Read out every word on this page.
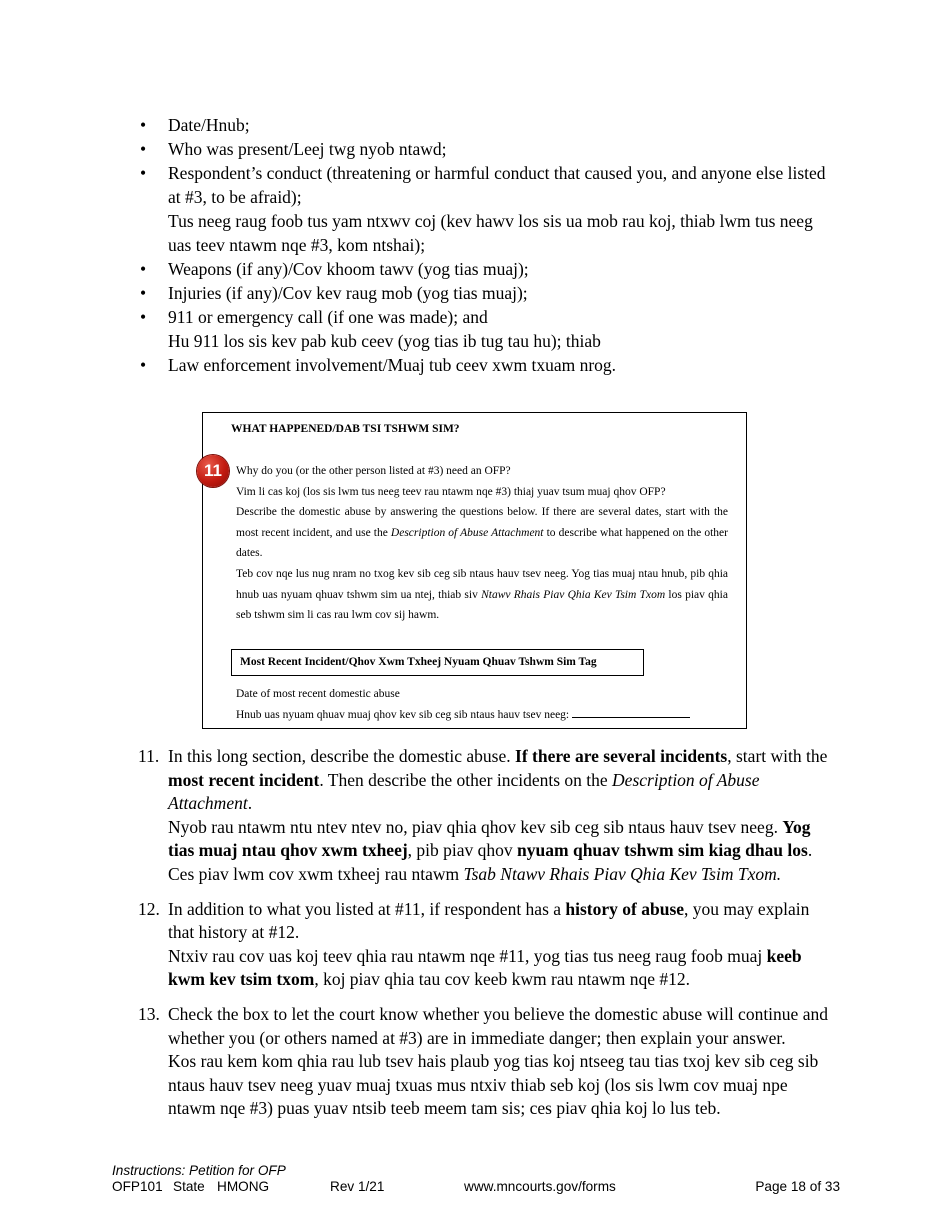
• Date/Hnub;
• Who was present/Leej twg nyob ntawd;
• Respondent’s conduct (threatening or harmful conduct that caused you, and anyone else listed at #3, to be afraid);
Tus neeg raug foob tus yam ntxwv coj (kev hawv los sis ua mob rau koj, thiab lwm tus neeg uas teev ntawm nqe #3, kom ntshai);
• Weapons (if any)/Cov khoom tawv (yog tias muaj);
• Injuries (if any)/Cov kev raug mob (yog tias muaj);
• 911 or emergency call (if one was made); and
Hu 911 los sis kev pab kub ceev (yog tias ib tug tau hu); thiab
• Law enforcement involvement/Muaj tub ceev xwm txuam nrog.
WHAT HAPPENED/DAB TSI TSHWM SIM?
11	Why do you (or the other person listed at #3) need an OFP?

Vim li cas koj (los sis lwm tus neeg teev rau ntawm nqe #3) thiaj yuav tsum muaj qhov OFP?

Describe the domestic abuse by answering the questions below. If there are several dates, start with the most recent incident, and use the Description of Abuse Attachment to describe what happened on the other dates.

Teb cov nqe lus nug nram no txog kev sib ceg sib ntaus hauv tsev neeg. Yog tias muaj ntau hnub, pib qhia hnub uas nyuam qhuav tshwm sim ua ntej, thiab siv Ntawv Rhais Piav Qhia Kev Tsim Txom los piav qhia seb tshwm sim li cas rau lwm cov sij hawm.

Most Recent Incident/Qhov Xwm Txheej Nyuam Qhuav Tshwm Sim Tag

Date of most recent domestic abuse

Hnub uas nyuam qhuav muaj qhov kev sib ceg sib ntaus hauv tsev neeg:

11. In this long section, describe the domestic abuse. If there are several incidents, start with the most recent incident. Then describe the other incidents on the Description of Abuse Attachment.

Nyob rau ntawm ntu ntev ntev no, piav qhia qhov kev sib ceg sib ntaus hauv tsev neeg. Yog tias muaj ntau qhov xwm txheej, pib piav qhov nyuam qhuav tshwm sim kiag dhau los. Ces piav lwm cov xwm txheej rau ntawm Tsab Ntawv Rhais Piav Qhia Kev Tsim Txom.

12. In addition to what you listed at #11, if respondent has a history of abuse, you may explain that history at #12.

Ntxiv rau cov uas koj teev qhia rau ntawm nqe #11, yog tias tus neeg raug foob muaj keeb kwm kev tsim txom, koj piav qhia tau cov keeb kwm rau ntawm nqe #12.

13. Check the box to let the court know whether you believe the domestic abuse will continue and whether you (or others named at #3) are in immediate danger; then explain your answer.

Kos rau kem kom qhia rau lub tsev hais plaub yog tias koj ntseeg tau tias txoj kev sib ceg sib ntaus hauv tsev neeg yuav muaj txuas mus ntxiv thiab seb koj (los sis lwm cov muaj npe ntawm nqe #3) puas yuav ntsib teeb meem tam sis; ces piav qhia koj lo lus teb.

Instructions: Petition for OFP
OFP101 State HMONG	Rev 1/21	www.mncourts.gov/forms	Page 18 of 33
